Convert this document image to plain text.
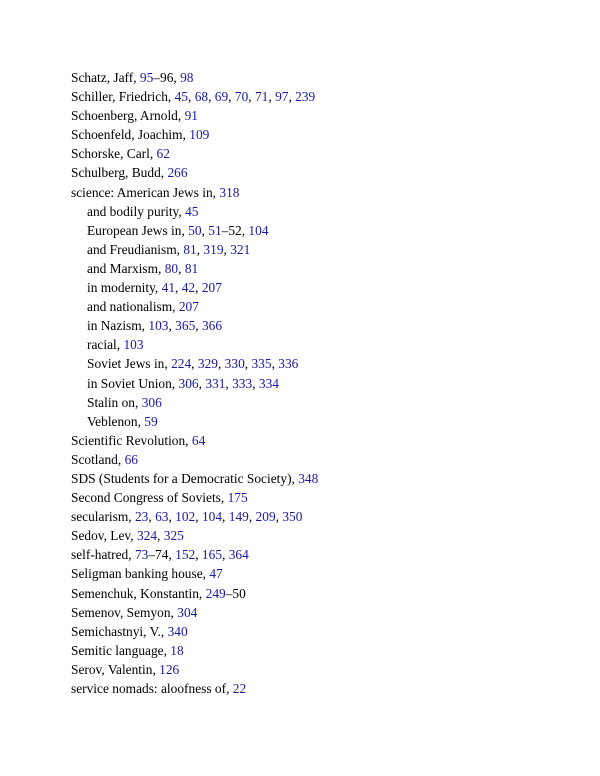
Schatz, Jaff, 95–96, 98
Schiller, Friedrich, 45, 68, 69, 70, 71, 97, 239
Schoenberg, Arnold, 91
Schoenfeld, Joachim, 109
Schorske, Carl, 62
Schulberg, Budd, 266
science: American Jews in, 318
and bodily purity, 45
European Jews in, 50, 51–52, 104
and Freudianism, 81, 319, 321
and Marxism, 80, 81
in modernity, 41, 42, 207
and nationalism, 207
in Nazism, 103, 365, 366
racial, 103
Soviet Jews in, 224, 329, 330, 335, 336
in Soviet Union, 306, 331, 333, 334
Stalin on, 306
Veblenon, 59
Scientific Revolution, 64
Scotland, 66
SDS (Students for a Democratic Society), 348
Second Congress of Soviets, 175
secularism, 23, 63, 102, 104, 149, 209, 350
Sedov, Lev, 324, 325
self-hatred, 73–74, 152, 165, 364
Seligman banking house, 47
Semenchuk, Konstantin, 249–50
Semenov, Semyon, 304
Semichastnyi, V., 340
Semitic language, 18
Serov, Valentin, 126
service nomads: aloofness of, 22
